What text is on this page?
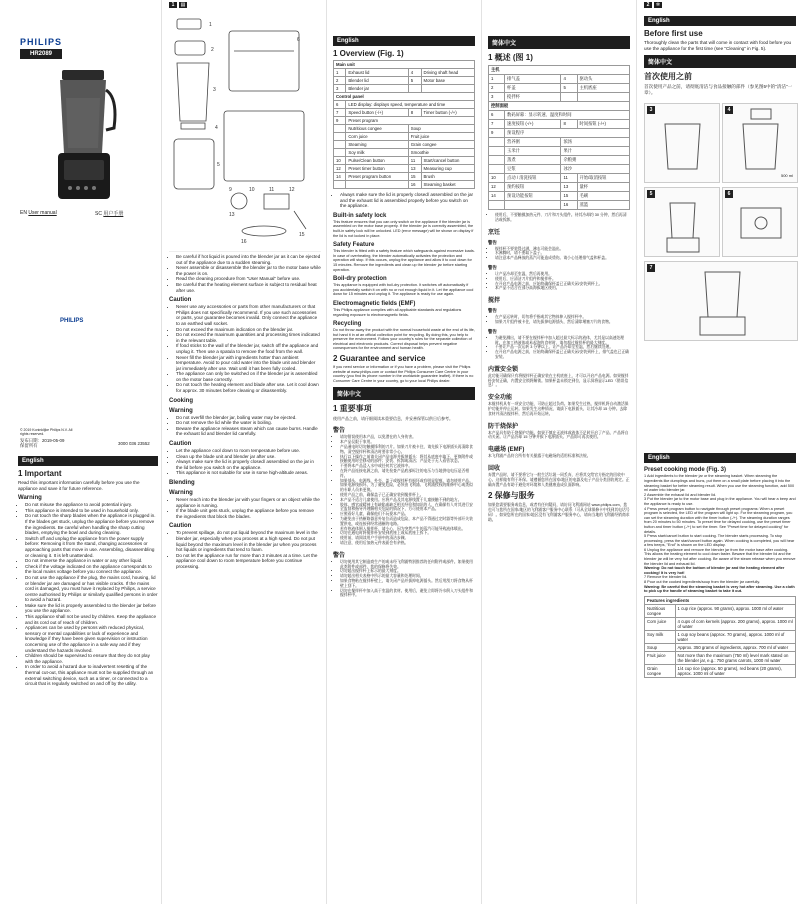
PHILIPS
HR2089
EN User manual	SC 用户手册
PHILIPS
© 2019 Koninklijke Philips N.V. All rights reserved.
发布日期：2019-05-09
保留所有	3000 036 23552
English
1 Important

Read this important information carefully before you use the appliance and save it for future reference.

Warning
• Do not misuse the appliance to avoid potential injury.
• This appliance is intended to be used in household only.
• Do not touch the sharp blades when the appliance is plugged in. If the blades get stuck, unplug the appliance before you remove the ingredients. Be careful when handling the sharp cutting blades, emptying the bowl and during cleaning.
• Switch off and unplug the appliance from the power supply before: Removing it from the stand, changing accessories or approaching parts that move in use. Assembling, disassembling or cleaning it. It is left unattended.
• Do not immerse the appliance in water or any other liquid.
• Check if the voltage indicated on the appliance corresponds to the local mains voltage before you connect the appliance.
• Do not use the appliance if the plug, the mains cord, housing, lid or blender jar are damaged or has visible cracks. If the mains cord is damaged, you must have it replaced by Philips, a service centre authorised by Philips or similarly qualified persons in order to avoid a hazard.
• Make sure the lid is properly assembled to the blender jar before you use the appliance.
• This appliance shall not be used by children. Keep the appliance and its cord out of reach of children.
• Appliances can be used by persons with reduced physical, sensory or mental capabilities or lack of experience and knowledge if they have been given supervision or instruction concerning use of the appliance in a safe way and if they understand the hazards involved.
• Children should be supervised to ensure that they do not play with the appliance.
• In order to avoid a hazard due to inadvertent resetting of the thermal cut-out, this appliance must not be supplied through an external switching device, such as a timer, or connected to a circuit that is regularly switched on and off by the utility.
1	▤
1
2
3
4
5
6
9	10	11	12
13
15
16
• Be careful if hot liquid is poured into the blender jar as it can be ejected out of the appliance due to a sudden steaming.
• Never assemble or disassemble the blender jar to the motor base while the power is on.
• Read the cleaning procedure from "User Manual" before use.
• Be careful that the heating element surface is subject to residual heat after use.
Caution
• Never use any accessories or parts from other manufacturers or that Philips does not specifically recommend. If you use such accessories or parts, your guarantee becomes invalid. Only connect the appliance to an earthed wall socket.
• Do not exceed the maximum indication on the blender jar.
• Do not exceed the maximum quantities and processing times indicated in the relevant table.
• If food sticks to the wall of the blender jar, switch off the appliance and unplug it. Then use a spatula to remove the food from the wall.
• Never fill the blender jar with ingredients hotter than ambient temperature. Avoid to pour cold water into the blade unit and blender jar immediately after use. Wait until it has been fully cooled.
• The appliance can only be switched on if the blender jar is assembled on the motor base correctly.
• Do not touch the heating element and blade after use. Let it cool down for approx. 30 minutes before cleaning or disassembly.
Cooking
Warning
• Do not overfill the blender jar, boiling water may be ejected.
• Do not remove the lid while the water is boiling.
• Beware the appliance releases steam which can cause burns. Handle the exhaust lid and blender lid carefully.
Caution
• Let the appliance cool down to room temperature before use.
• Clean up the blade unit and blender jar after use.
• Always make sure the lid is properly closed/ assembled on the jar in the lid before you switch on the appliance.
• This appliance is not suitable for use in some high-altitude areas.
Blending
Warning
• Never reach into the blender jar with your fingers or an object while the appliance is running.
• If the blade unit gets stuck, unplug the appliance before you remove the ingredients that block the blades.
Caution
• To prevent spillage, do not put liquid beyond the maximum level in the blender jar, especially when you process at a high speed. Do not put liquid beyond the maximum level in the blender jar when you process hot liquids or ingredients that tend to foam.
• Do not let the appliance run for more than 3 minutes at a time. Let the appliance cool down to room temperature before you continue processing.
English
1 Overview (Fig. 1)
Main unit			
1	Exhaust lid	4	Driving shaft head
2	Blender lid	5	Motor base
3	Blender jar		
Control panel			
6	LED display: displays speed, temperature and time		
7	Speed button (-/+)	8	Timer button (-/+)
9	Preset program		
	Nutritious congee	Soup	
	Corn juice	Fruit juice	
	Steaming	Grain congee	
	Soy milk	Smoothie	
10	Pulse/Clean button	11	Start/cancel button
12	Preset timer button	13	Measuring cup
14	Preset program button	15	Brush
		16	Steaming basket
• Always make sure the lid is properly closed/ assembled on the jar and the exhaust lid is assembled properly before you switch on the appliance.
Built-in safety lock

This feature ensures that you can only switch on the appliance if the blender jar is assembled on the motor base properly. If the blender jar is correctly assembled, the built-in safety lock will be unlocked. LED (error message) will be shown on display if the lid is not locked in place.

Safety Feature

This blender is fitted with a safety feature which safeguards against excessive loads. In case of overheating, the blender automatically activates the protection and operation will stop. If this occurs, unplug the appliance and allow it to cool down for 15 minutes. Remove the ingredients and clean up the blender jar before starting operation.

Boil-dry protection

This appliance is equipped with boil-dry protection. It switches off automatically if you accidentally switch it on with no or not enough liquid in it. Let the appliance cool down for 15 minutes and unplug it. The appliance is ready for use again.

Electromagnetic fields (EMF)

This Philips appliance complies with all applicable standards and regulations regarding exposure to electromagnetic fields.

Recycling

Do not throw away the product with the normal household waste at the end of its life, but hand it in at an official collection point for recycling. By doing this, you help to preserve the environment. Follow your country's rules for the separate collection of electrical and electronic products. Correct disposal helps prevent negative consequences for the environment and human health.

2 Guarantee and service

If you need service or information or if you have a problem, please visit the Philips website at www.philips.com or contact the Philips Consumer Care Centre in your country (you find its phone number in the worldwide guarantee leaflet). If there is no Consumer Care Centre in your country, go to your local Philips dealer.

简体中文
1 重要事项

使用产品之前，请仔细阅读本重要信息，并妥善保管以供日后参考。

警告
• 请勿错误使用本产品，以免潜在的人身伤害。
• 本产品仅限于家用。
• 产品通电时切勿触摸锋利的刀片。如果刀片被卡住，请先拔下电源插头再清除食物。清空搅拌杯和清洁时要非常小心。
• 执行以下操作之前请关闭产品电源并拔掉插头：将其从底座中取下，更换附件或接触使用时会移动的部件；安装、拆卸或清洁；产品处于无人看管状态。
• 不要将本产品浸入水中或任何其它液体中。
• 在将产品连接电源之前，请先检查产品底部标注的电压与当地供电电压是否相符。
• 如果插头、电源线、外壳、盖子或搅拌杯有损坏或有明显裂痕，请勿使用产品。如果电源线损坏，为了避免危险，必须由飞利浦、飞利浦授权的维修中心或类似的专职人员来更换。
• 使用产品之前，确保盖子已正确安装到搅拌杯上。
• 本产品不适合儿童使用。应将产品及其电源线置于儿童接触不到的地方。
• 肢体、感官或精神上有缺陷或缺乏相关经验和知识的人，在确保有人对其进行安全监督和指导并理解相关危险的情况下，方可使用本产品。
• 应照看好儿童，确保他们不玩耍本产品。
• 为避免由于热断路器意外复位而造成危险，本产品不得通过定时器等外部开关装置供电，或连接到经常通断的电路。
• 若有热液体倒入搅拌杯，请小心，因为突然产生的蒸汽可能导致液体喷出。
• 切勿在通电时将搅拌杯安装到底座上或从底座上拆下。
• 使用前，请阅读用户手册中的清洁步骤。
• 请注意，使用后加热元件表面会有余热。
警告
• 切勿使用其它制造商生产的或未经飞利浦特别推荐的任何附件或部件。如果使用此类附件或部件，您的保修将失效。
• 切勿超出搅拌杯上标示的最大刻度。
• 请勿超出相关表格中所示的最大容量和处理时间。
• 如果食物粘在搅拌杯壁上，请关闭产品并拔掉电源插头。然后用刮刀将食物从杯壁上刮下。
• 切勿在搅拌杯中加入高于室温的食材。使用后，避免立即将冷水倒入刀头组件和搅拌杯中。
简体中文
1 概述 (图 1)
主机			
1	排气盖	4	驱动头
2	杯盖	5	主机底座
3	搅拌杯		
控制面板			
6	数码屏幕：显示转速、温度和时间		
7	速度按钮 (-/+)	8	时间按钮 (-/+)
9	预设程序		
	营养粥	浓汤	
	玉米汁	果汁	
	蒸煮	杂粮粥	
	豆浆	冰沙	
10	点动 / 清洗按钮	11	开始/取消按钮
12	预约按钮	13	量杯
14	预设功能按钮	15	毛刷
		16	蒸篮
• 使用后，不要触摸加热元件、刀片和刀头组件。待其冷却约 30 分钟，然后再清洁或拆卸。
烹饪
警告
• 搅拌杯不要装得过满，沸水可能会溢出。
• 水沸腾时，请不要取下盖子。
• 请注意本产品释放的蒸汽可能造成烫伤。请小心处理排气盖和杯盖。
警告
• 让产品冷却至室温，然后再使用。
• 使用后，应清洁刀片组件和搅拌杯。
• 在开启产品电源之前，应始终确保杯盖已正确关闭/安装到杯上。
• 本产品不适合在部分高海拔地区使用。
搅拌
警告
• 在产品运转时，切勿将手指或其它物体伸入搅拌杯中。
• 如果刀片组件被卡住，请先拔掉电源插头，然后清除堵塞刀片的食物。
警告
• 为避免溅出，请不要在搅拌杯中加入超过最大标示的液体，尤其是以高速处理时。在加工热液体或易起泡的食材时，请勿超过搅拌杯的最大刻度。
• 不要让产品一次运转 3 分钟以上。让产品冷却至室温，然后继续处理。
• 在开启产品电源之前，应始终确保杯盖已正确关闭/安装到杯上，排气盖也已正确安装。
内置安全锁

此功能可确保只有将搅拌杯正确安装在主机底座上，才可以开启产品电源。如果搅拌杯安装正确，内置安全锁将解锁。如果杯盖未锁定到位，显示屏将显示LED（错误信息）。

安全功能

本搅拌机具有一项安全功能，可防止超过负荷。如果发生过热，搅拌机将自动激活保护功能并停止运转。如果发生这种情况，请拔下电源插头，让其冷却 15 分钟。去除食材并清洁搅拌杯，然后再开始运转。

防干烧保护

本产品具有防干烧保护功能。如果不慎在无液体或液体不足时开启了产品，产品将自动关闭。让产品冷却 15 分钟并拔下电源插头。产品即可再次使用。

电磁场 (EMF)

本飞利浦产品符合所有有关暴露于电磁场的适用标准和法规。

回收

弃置产品时，请不要将它与一般生活垃圾一同丢弃，应将其交给官方指定的回收中心。这样做有利于环保。请遵循您所在国家/地区的电器及电子产品分类回收规定。正确弃置产品有助于避免对环境和人类健康造成负面影响。

2 保修与服务

如果您需要服务或信息，或者有任何疑问，请访问飞利浦网站 www.philips.com，您也可与您所在国家/地区的飞利浦客户服务中心联系（可从全球保修卡中找到其电话号码）。如果您所在的国家/地区没有飞利浦客户服务中心，请向当地的飞利浦经销商求助。

2	✲
English
Before first use

Thoroughly clean the parts that will come in contact with food before you use the appliance for the first time (see "Cleaning" in Fig. 5).

简体中文
首次使用之前

首次使用产品之前，请彻底清洁与食品接触的部件（参见图5中的"清洁"一章）。

3	4
500 ml
5	6
7
English
Preset cooking mode (Fig. 3)

1 Add ingredients to the blender jar or the steaming basket. When steaming the ingredients like dumplings and buns, put them on a small plate before placing it into the steaming basket for better steaming result. When you use the steaming function, add 500 ml water into blender jar.

2 Assemble the exhaust lid and blender lid.

3 Put the blender jar to the motor base and plug in the appliance. You will hear a beep and the appliance is ready to use.

4 Press preset program button to navigate through preset programs: When a preset program is selected, the LED of the program will light up. For the steaming program, you can set the steaming duration with the timer button (-/+). The steaming duration ranges from 20 minutes to 50 minutes. To preset time for delayed cooking, use the preset timer button and timer button (-/+) to set the timer. See "Preset time for delayed cooking" for details.

5 Press start/cancel button to start cooking. The blender starts processing. To stop processing, press the start/cancel button again. When cooking is completed, you will hear a few beeps, "End" is shown on the LED display.

6 Unplug the appliance and remove the blender jar from the motor base after cooking. This allows the heating element to cool down faster. Beware that the blender lid and the blender jar will be very hot after cooking. Be aware of the steam release when you remove the blender lid and exhaust lid.

Warning: Do not touch the bottom of blender jar and the heating element after cooking! It is very hot!

7 Remove the blender lid.

8 Pour out the cooked ingredients/soup from the blender jar carefully.

Warning: Be careful that the steaming basket is very hot after steaming. Use a cloth to pick up the handle of steaming basket to take it out.

Features ingredients	
Nutritious congee	1 cup rice (approx. 90 grams), approx. 1000 ml of water
Corn juice	4 cups of corn kernels (approx. 200 grams), approx. 1000 ml of water
Soy milk	1 cup soy beans (approx. 70 grams), approx. 1000 ml of water
Soup	Approx. 350 grams of ingredients, approx. 700 ml of water
Fruit juice	Not more than the maximum (750 ml) level mark stated on the blender jar, e.g.: 750 grams carrots, 1000 ml water
Grain congee	1/4 cup rice (approx. 50 grams), red beans (20 grams), approx. 1000 ml of water
